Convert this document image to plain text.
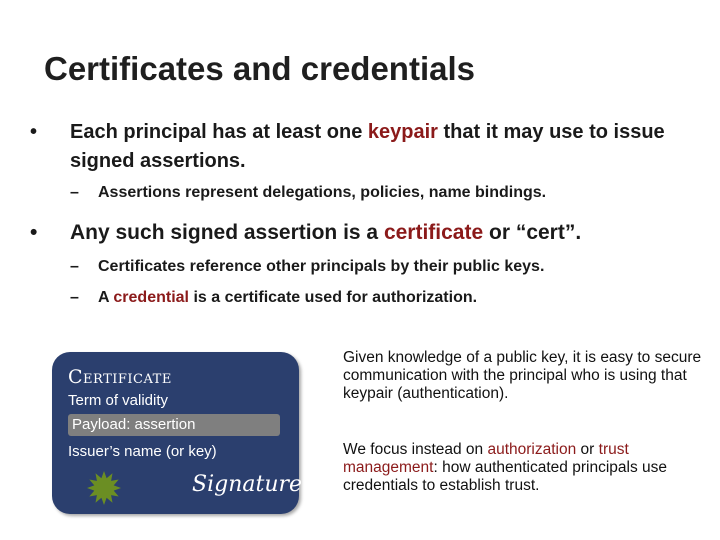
Certificates and credentials
• Each principal has at least one keypair that it may use to issue signed assertions.
– Assertions represent delegations, policies, name bindings.
• Any such signed assertion is a certificate or “cert”.
– Certificates reference other principals by their public keys.
– A credential is a certificate used for authorization.
Certificate
Term of validity
Payload: assertion
Issuer’s name (or key)
Signature

Given knowledge of a public key, it is easy to secure communication with the principal who is using that keypair (authentication).

We focus instead on authorization or trust management: how authenticated principals use credentials to establish trust.
